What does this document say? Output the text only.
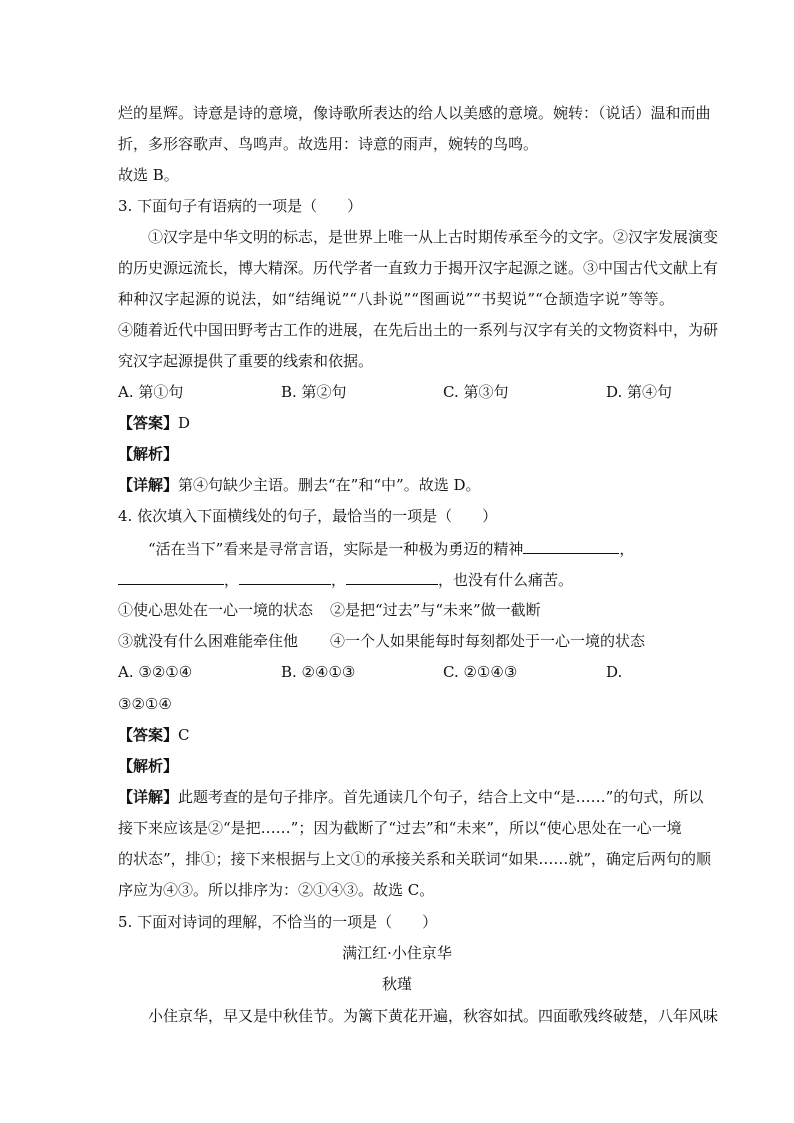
烂的星辉。诗意是诗的意境，像诗歌所表达的给人以美感的意境。婉转：（说话）温和而曲
折，多形容歌声、鸟鸣声。故选用：诗意的雨声，婉转的鸟鸣。
故选 B。
3. 下面句子有语病的一项是（　　）
①汉字是中华文明的标志，是世界上唯一从上古时期传承至今的文字。②汉字发展演变
的历史源远流长，博大精深。历代学者一直致力于揭开汉字起源之谜。③中国古代文献上有
种种汉字起源的说法，如“结绳说”“八卦说”“图画说”“书契说”“仓颉造字说”等等。
④随着近代中国田野考古工作的进展，在先后出土的一系列与汉字有关的文物资料中，为研
究汉字起源提供了重要的线索和依据。
A. 第①句	B. 第②句	C. 第③句	D. 第④句
【答案】D
【解析】
【详解】第④句缺少主语。删去“在”和“中”。故选 D。
4. 依次填入下面横线处的句子，最恰当的一项是（　　）
“活在当下”看来是寻常言语，实际是一种极为勇迈的精神	，
，	，	，也没有什么痛苦。
①使心思处在一心一境的状态 ②是把“过去”与“未来”做一截断
③就没有什么困难能牵住他 ④一个人如果能每时每刻都处于一心一境的状态
A. ③②①④	B. ②④①③	C. ②①④③	D.
③②①④
【答案】C
【解析】
【详解】此题考查的是句子排序。首先通读几个句子，结合上文中“是……”的句式，所以
接下来应该是②“是把……”；因为截断了“过去”和“未来”，所以“使心思处在一心一境
的状态”，排①；接下来根据与上文①的承接关系和关联词“如果……就”，确定后两句的顺
序应为④③。所以排序为：②①④③。故选 C。
5. 下面对诗词的理解，不恰当的一项是（　　）
满江红·小住京华
秋瑾
小住京华，早又是中秋佳节。为篱下黄花开遍，秋容如拭。四面歌残终破楚，八年风味
